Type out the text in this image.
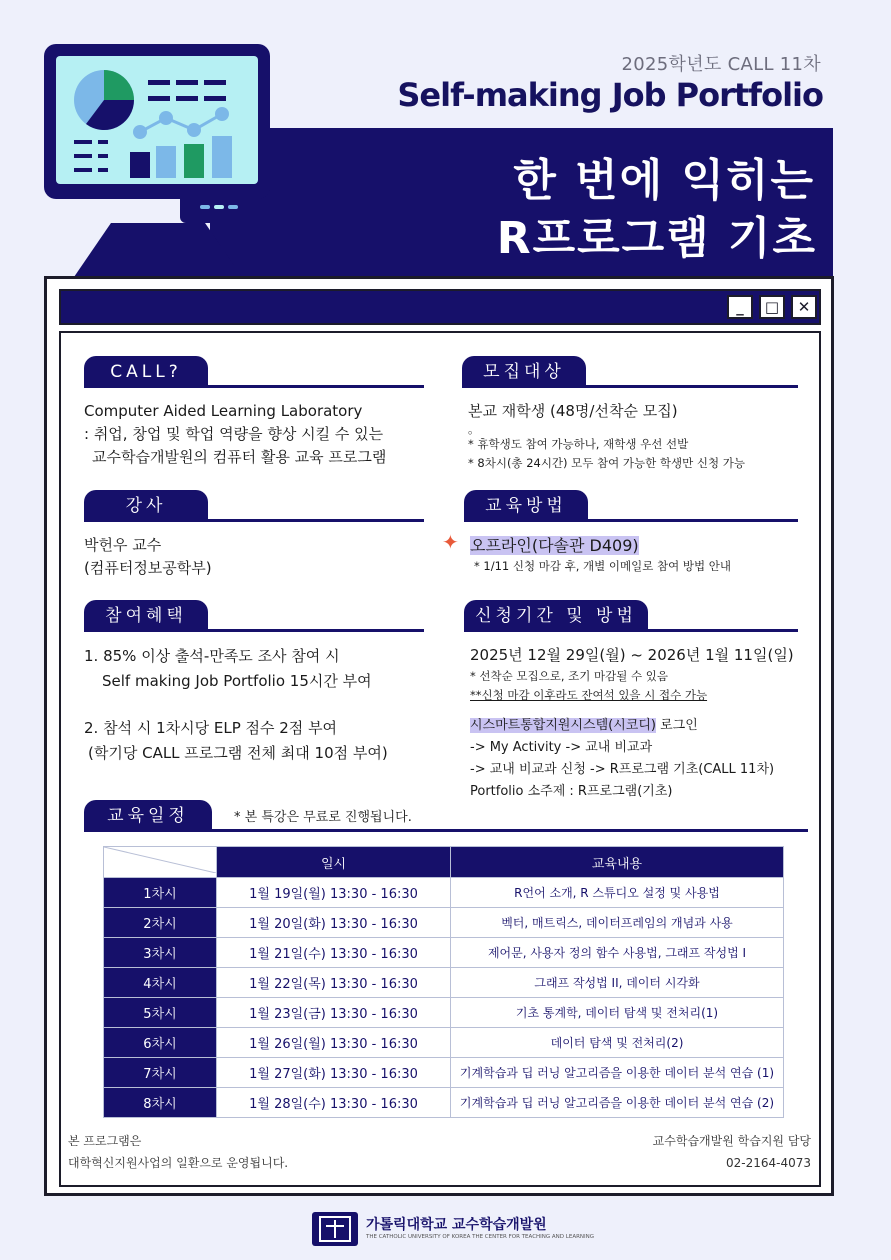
2025학년도 CALL 11차
Self-making Job Portfolio
한 번에 익히는
R프로그램 기초
_	□	✕
CALL?
Computer Aided Learning Laboratory
: 취업, 창업 및 학업 역량을 향상 시킬 수 있는
교수학습개발원의 컴퓨터 활용 교육 프로그램
모집대상
본교 재학생 (48명/선착순 모집)
。
* 휴학생도 참여 가능하나, 재학생 우선 선발
* 8차시(총 24시간) 모두 참여 가능한 학생만 신청 가능
강사
박헌우 교수
(컴퓨터정보공학부)
교육방법
✦ 오프라인(다솔관 D409)
* 1/11 신청 마감 후, 개별 이메일로 참여 방법 안내
참여혜택
1. 85% 이상 출석-만족도 조사 참여 시
Self making Job Portfolio 15시간 부여
2. 참석 시 1차시당 ELP 점수 2점 부여
(학기당 CALL 프로그램 전체 최대 10점 부여)
신청기간 및 방법
2025년 12월 29일(월) ~ 2026년 1월 11일(일)
* 선착순 모집으로, 조기 마감될 수 있음
**신청 마감 이후라도 잔여석 있을 시 접수 가능
시스마트통합지원시스템(시코디) 로그인
-> My Activity -> 교내 비교과
-> 교내 비교과 신청 -> R프로그램 기초(CALL 11차)
Portfolio 소주제 : R프로그램(기초)
교육일정	* 본 특강은 무료로 진행됩니다.
	일시	교육내용
1차시	1월 19일(월) 13:30 - 16:30	R언어 소개, R 스튜디오 설정 및 사용법
2차시	1월 20일(화) 13:30 - 16:30	벡터, 매트릭스, 데이터프레임의 개념과 사용
3차시	1월 21일(수) 13:30 - 16:30	제어문, 사용자 정의 함수 사용법, 그래프 작성법 I
4차시	1월 22일(목) 13:30 - 16:30	그래프 작성법 II, 데이터 시각화
5차시	1월 23일(금) 13:30 - 16:30	기초 통계학, 데이터 탐색 및 전처리(1)
6차시	1월 26일(월) 13:30 - 16:30	데이터 탐색 및 전처리(2)
7차시	1월 27일(화) 13:30 - 16:30	기계학습과 딥 러닝 알고리즘을 이용한 데이터 분석 연습 (1)
8차시	1월 28일(수) 13:30 - 16:30	기계학습과 딥 러닝 알고리즘을 이용한 데이터 분석 연습 (2)
본 프로그램은
대학혁신지원사업의 일환으로 운영됩니다.
교수학습개발원 학습지원 담당
02-2164-4073
가톨릭대학교 교수학습개발원
THE CATHOLIC UNIVERSITY OF KOREA THE CENTER FOR TEACHING AND LEARNING
